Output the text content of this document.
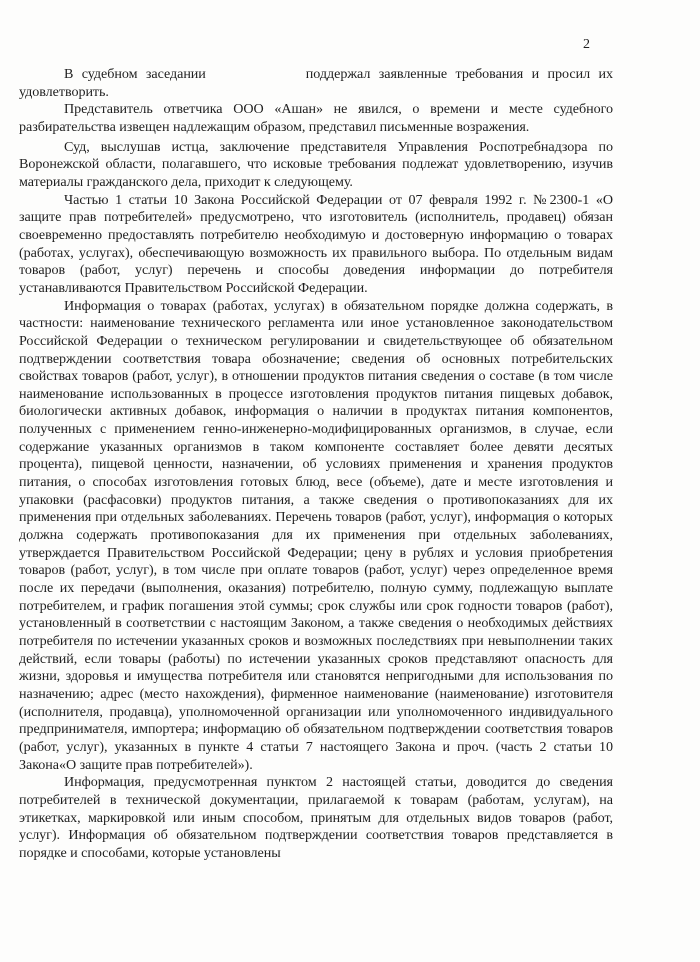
2

В судебном заседании	поддержал заявленные требования и просил их удовлетворить.

Представитель ответчика ООО «Ашан» не явился, о времени и месте судебного разбирательства извещен надлежащим образом, представил письменные возражения.

Суд, выслушав истца, заключение представителя Управления Роспотребнадзора по Воронежской области, полагавшего, что исковые требования подлежат удовлетворению, изучив материалы гражданского дела, приходит к следующему.

Частью 1 статьи 10 Закона Российской Федерации от 07 февраля 1992 г. №2300-1 «О защите прав потребителей» предусмотрено, что изготовитель (исполнитель, продавец) обязан своевременно предоставлять потребителю необходимую и достоверную информацию о товарах (работах, услугах), обеспечивающую возможность их правильного выбора. По отдельным видам товаров (работ, услуг) перечень и способы доведения информации до потребителя устанавливаются Правительством Российской Федерации.

Информация о товарах (работах, услугах) в обязательном порядке должна содержать, в частности: наименование технического регламента или иное установленное законодательством Российской Федерации о техническом регулировании и свидетельствующее об обязательном подтверждении соответствия товара обозначение; сведения об основных потребительских свойствах товаров (работ, услуг), в отношении продуктов питания сведения о составе (в том числе наименование использованных в процессе изготовления продуктов питания пищевых добавок, биологически активных добавок, информация о наличии в продуктах питания компонентов, полученных с применением генно-инженерно-модифицированных организмов, в случае, если содержание указанных организмов в таком компоненте составляет более девяти десятых процента), пищевой ценности, назначении, об условиях применения и хранения продуктов питания, о способах изготовления готовых блюд, весе (объеме), дате и месте изготовления и упаковки (расфасовки) продуктов питания, а также сведения о противопоказаниях для их применения при отдельных заболеваниях. Перечень товаров (работ, услуг), информация о которых должна содержать противопоказания для их применения при отдельных заболеваниях, утверждается Правительством Российской Федерации; цену в рублях и условия приобретения товаров (работ, услуг), в том числе при оплате товаров (работ, услуг) через определенное время после их передачи (выполнения, оказания) потребителю, полную сумму, подлежащую выплате потребителем, и график погашения этой суммы; срок службы или срок годности товаров (работ), установленный в соответствии с настоящим Законом, а также сведения о необходимых действиях потребителя по истечении указанных сроков и возможных последствиях при невыполнении таких действий, если товары (работы) по истечении указанных сроков представляют опасность для жизни, здоровья и имущества потребителя или становятся непригодными для использования по назначению; адрес (место нахождения), фирменное наименование (наименование) изготовителя (исполнителя, продавца), уполномоченной организации или уполномоченного индивидуального предпринимателя, импортера; информацию об обязательном подтверждении соответствия товаров (работ, услуг), указанных в пункте 4 статьи 7 настоящего Закона и проч. (часть 2 статьи 10 Закона«О защите прав потребителей»).

Информация, предусмотренная пунктом 2 настоящей статьи, доводится до сведения потребителей в технической документации, прилагаемой к товарам (работам, услугам), на этикетках, маркировкой или иным способом, принятым для отдельных видов товаров (работ, услуг). Информация об обязательном подтверждении соответствия товаров представляется в порядке и способами, которые установлены
